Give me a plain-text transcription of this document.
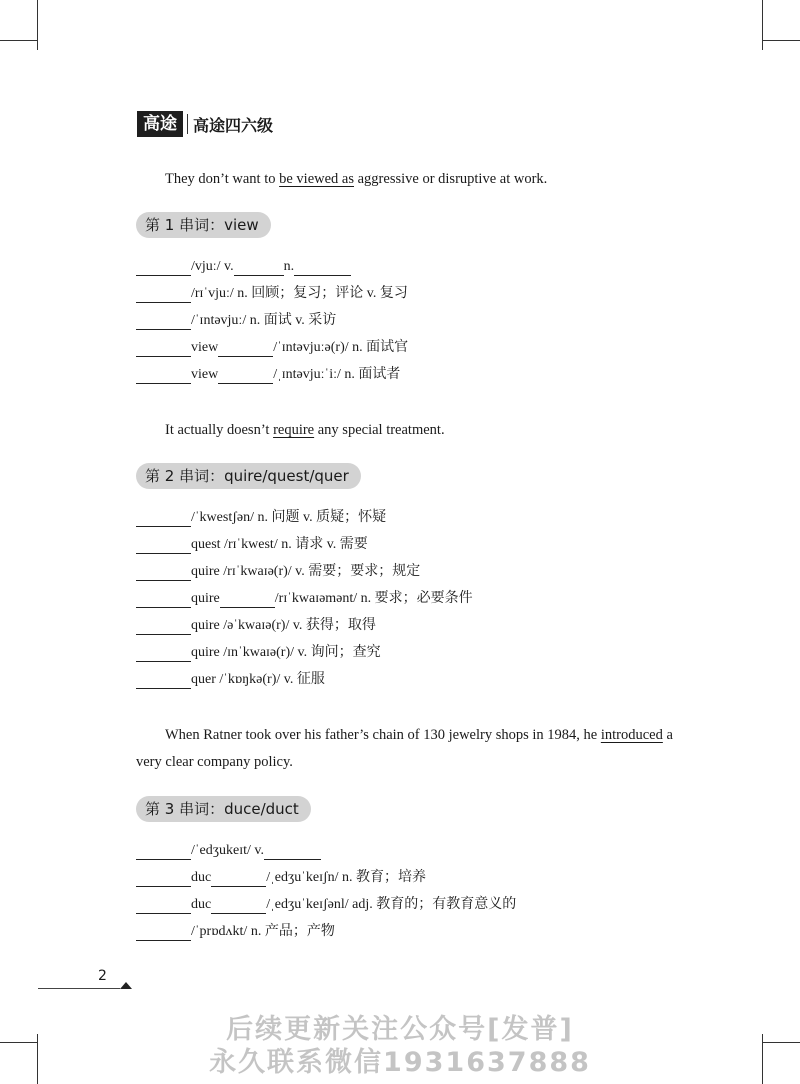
高途	高途四六级
They don’t want to be viewed as aggressive or disruptive at work.
第 1 串词：view
/vjuː/ v.	n.
/rɪˈvjuː/ n. 回顾；复习；评论 v. 复习
/ˈɪntəvjuː/ n. 面试 v. 采访
view	/ˈɪntəvjuːə(r)/ n. 面试官
view	/ˌɪntəvjuːˈiː/ n. 面试者
It actually doesn’t require any special treatment.
第 2 串词：quire/quest/quer
/ˈkwestʃən/ n. 问题 v. 质疑；怀疑
quest /rɪˈkwest/ n. 请求 v. 需要
quire /rɪˈkwaɪə(r)/ v. 需要；要求；规定
quire	/rɪˈkwaɪəmənt/ n. 要求；必要条件
quire /əˈkwaɪə(r)/ v. 获得；取得
quire /ɪnˈkwaɪə(r)/ v. 询问；查究
quer /ˈkɒŋkə(r)/ v. 征服
When Ratner took over his father’s chain of 130 jewelry shops in 1984, he introduced a
very clear company policy.
第 3 串词：duce/duct
/ˈedʒukeɪt/ v.
duc	/ˌedʒuˈkeɪʃn/ n. 教育；培养
duc	/ˌedʒuˈkeɪʃənl/ adj. 教育的；有教育意义的
/ˈprɒdʌkt/ n. 产品；产物
2
后续更新关注公众号[发普]
永久联系微信1931637888
